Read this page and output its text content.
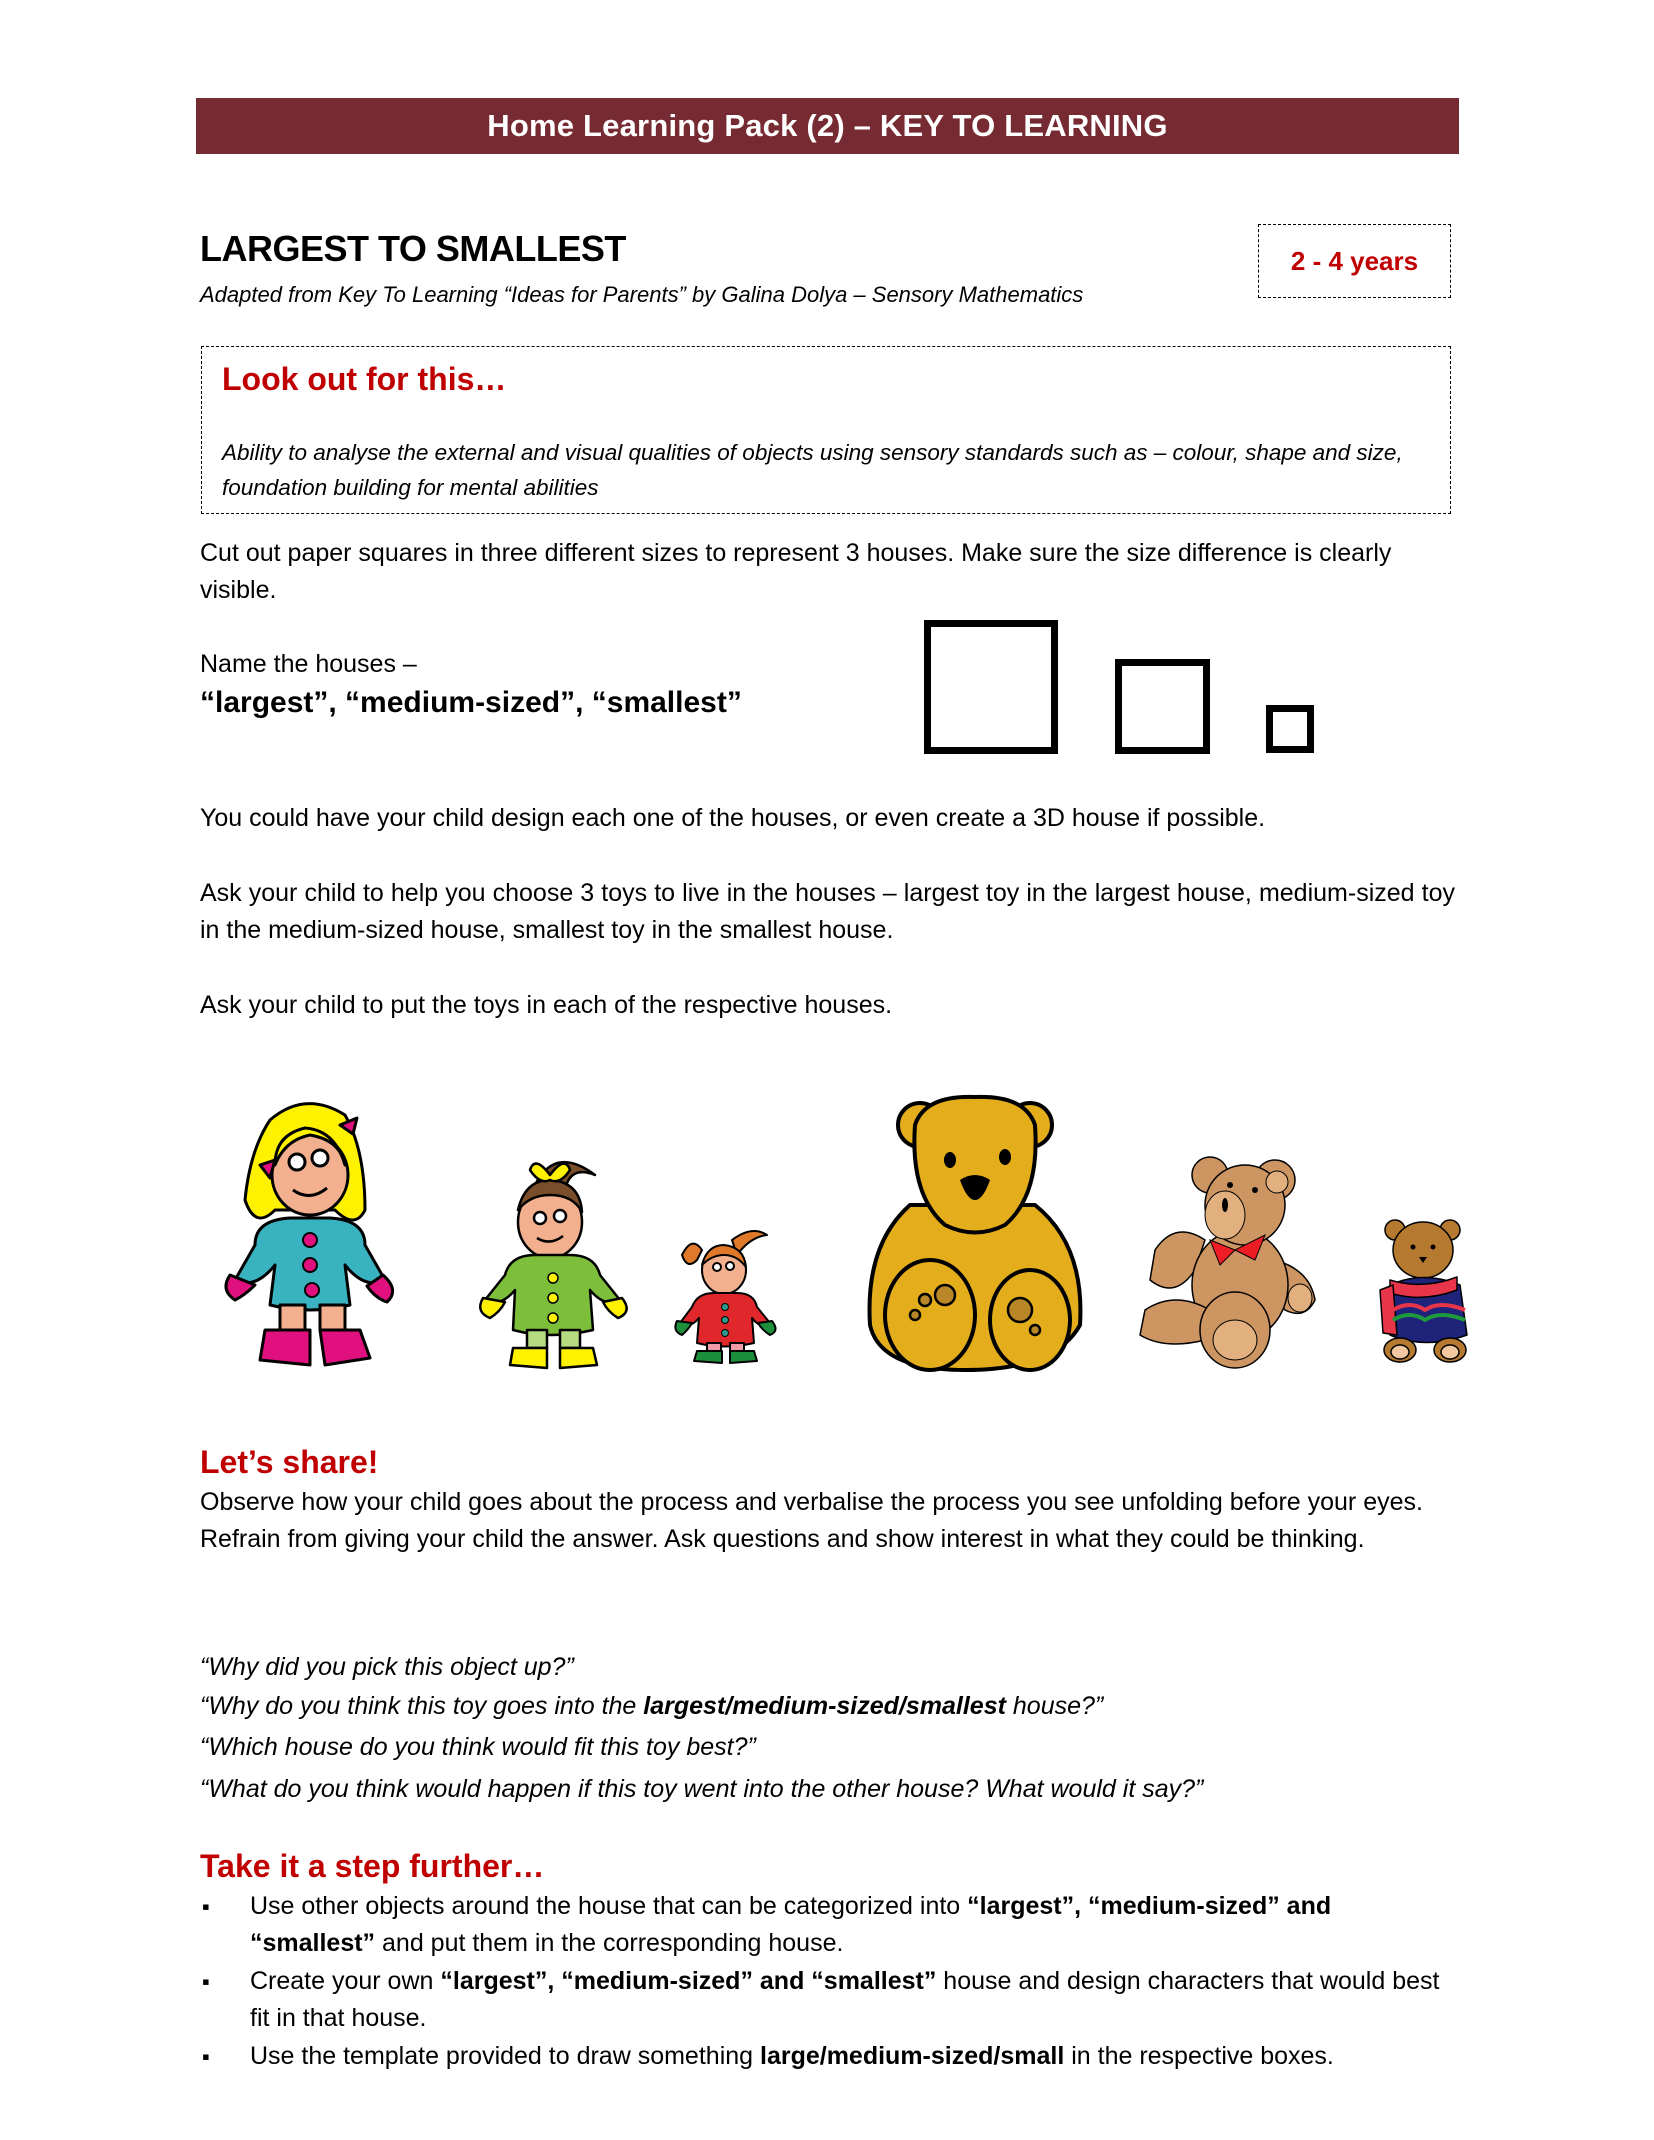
Home Learning Pack (2) – KEY TO LEARNING
LARGEST TO SMALLEST
Adapted from Key To Learning “Ideas for Parents” by Galina Dolya – Sensory Mathematics
2 - 4 years
Look out for this…
Ability to analyse the external and visual qualities of objects using sensory standards such as – colour, shape and size, foundation building for mental abilities
Cut out paper squares in three different sizes to represent 3 houses. Make sure the size difference is clearly visible.
Name the houses –
“largest”, “medium-sized”, “smallest”
You could have your child design each one of the houses, or even create a 3D house if possible.
Ask your child to help you choose 3 toys to live in the houses – largest toy in the largest house, medium-sized toy in the medium-sized house, smallest toy in the smallest house.
Ask your child to put the toys in each of the respective houses.
Let’s share!
Observe how your child goes about the process and verbalise the process you see unfolding before your eyes. Refrain from giving your child the answer. Ask questions and show interest in what they could be thinking.
“Why did you pick this object up?”
“Why do you think this toy goes into the largest/medium-sized/smallest house?”
“Which house do you think would fit this toy best?”
“What do you think would happen if this toy went into the other house? What would it say?”
Take it a step further…
▪ Use other objects around the house that can be categorized into “largest”, “medium-sized” and “smallest” and put them in the corresponding house.
▪ Create your own “largest”, “medium-sized” and “smallest” house and design characters that would best fit in that house.
▪ Use the template provided to draw something large/medium-sized/small in the respective boxes.
